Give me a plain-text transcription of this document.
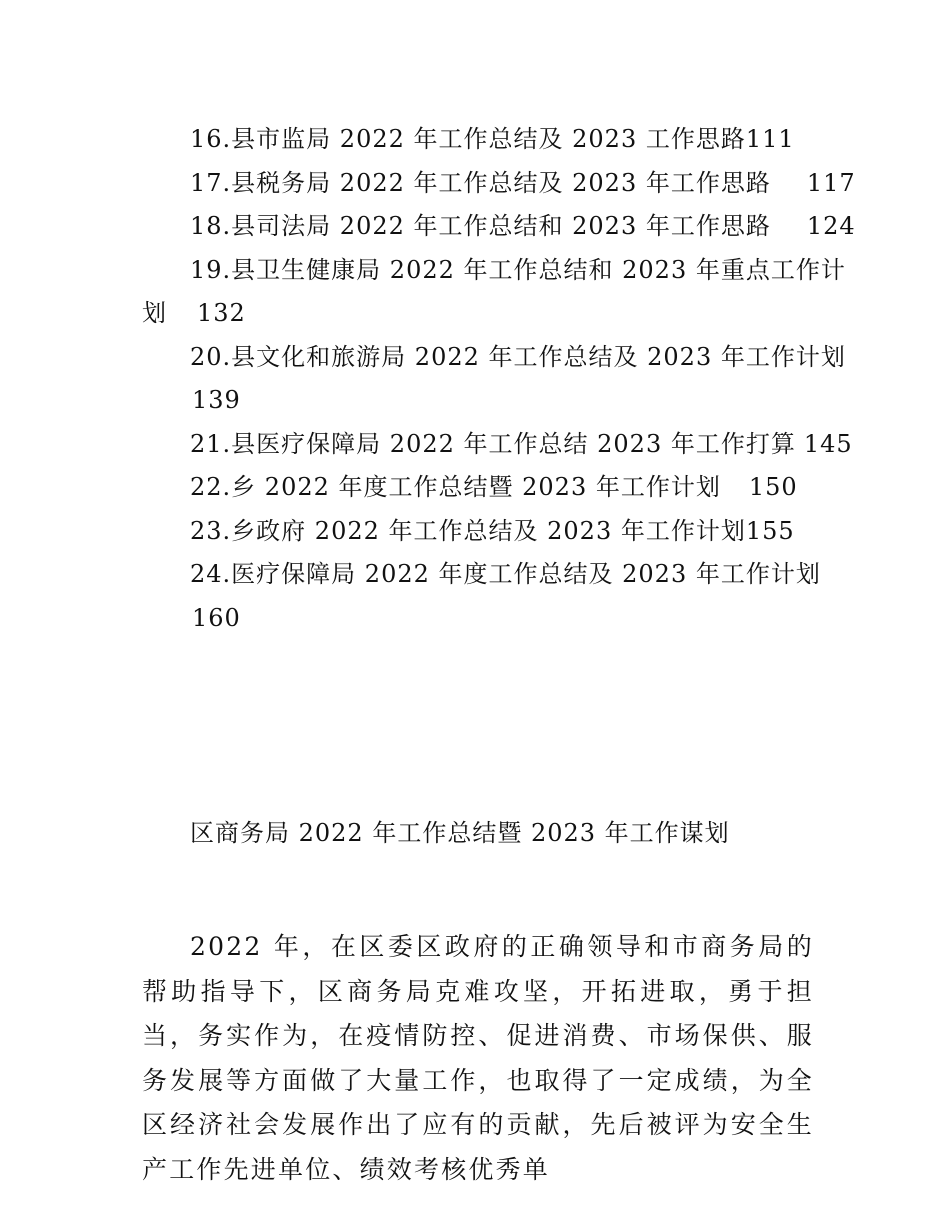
16.县市监局 2022 年工作总结及 2023 工作思路111
17.县税务局 2022 年工作总结及 2023 年工作思路 117
18.县司法局 2022 年工作总结和 2023 年工作思路 124
19.县卫生健康局 2022 年工作总结和 2023 年重点工作计
划 132
20.县文化和旅游局 2022 年工作总结及 2023 年工作计划
139
21.县医疗保障局 2022 年工作总结 2023 年工作打算 145
22.乡 2022 年度工作总结暨 2023 年工作计划 150
23.乡政府 2022 年工作总结及 2023 年工作计划155
24.医疗保障局 2022 年度工作总结及 2023 年工作计划
160
区商务局 2022 年工作总结暨 2023 年工作谋划

2022 年，在区委区政府的正确领导和市商务局的帮助指导下，区商务局克难攻坚，开拓进取，勇于担当，务实作为，在疫情防控、促进消费、市场保供、服务发展等方面做了大量工作，也取得了一定成绩，为全区经济社会发展作出了应有的贡献，先后被评为安全生产工作先进单位、绩效考核优秀单
